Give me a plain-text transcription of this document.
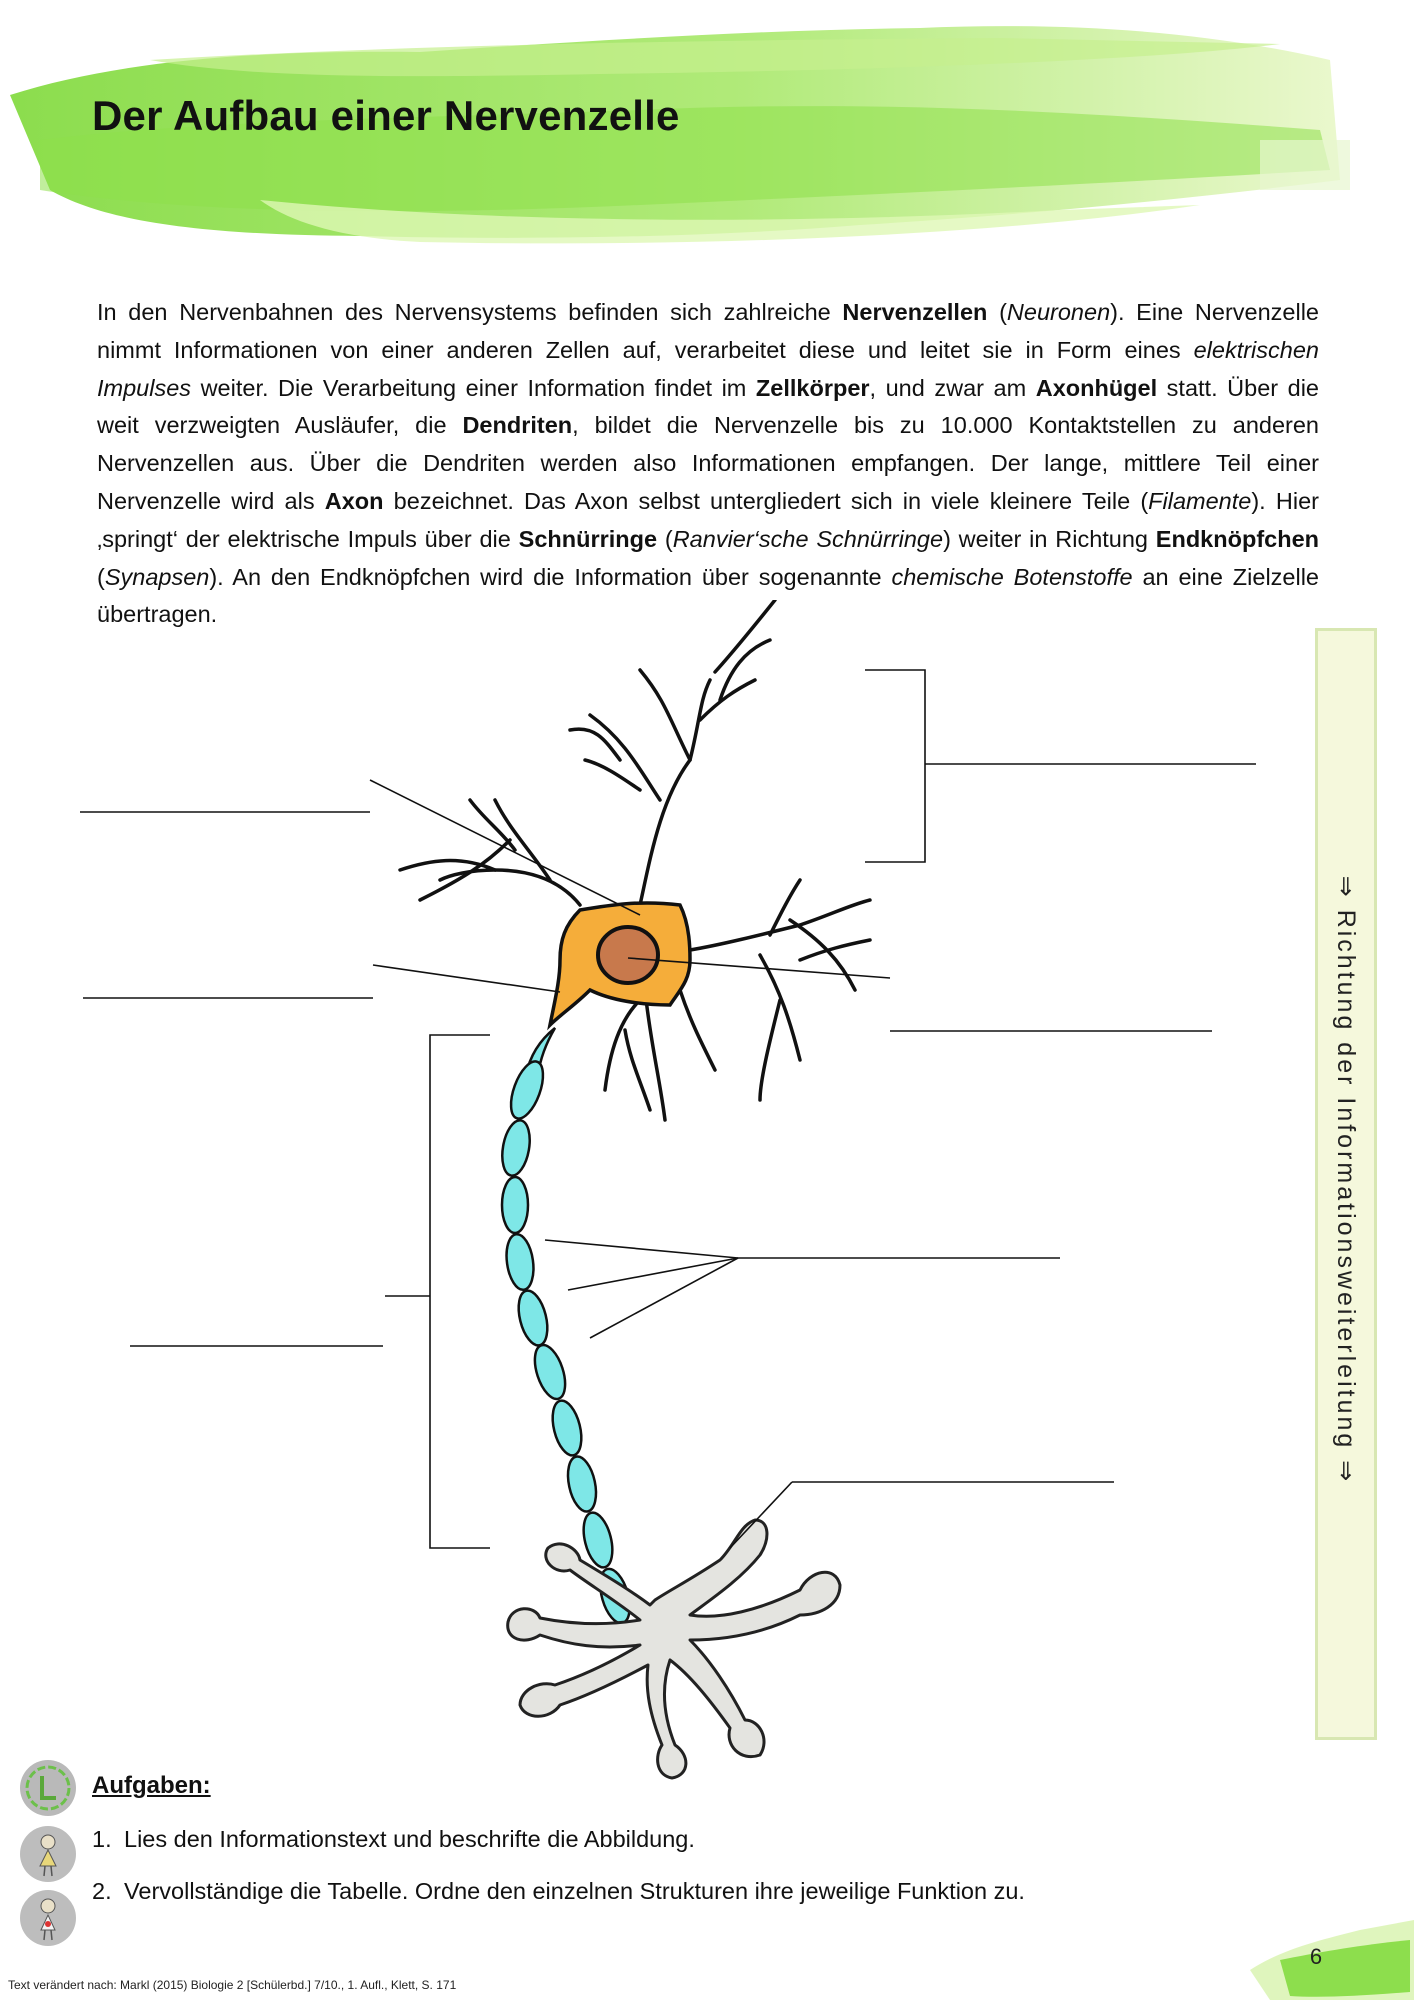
Der Aufbau einer Nervenzelle

In den Nervenbahnen des Nervensystems befinden sich zahlreiche Nervenzellen (Neuronen). Eine Nervenzelle nimmt Informationen von einer anderen Zellen auf, verarbeitet diese und leitet sie in Form eines elektrischen Impulses weiter. Die Verarbeitung einer Information findet im Zellkörper, und zwar am Axonhügel statt. Über die weit verzweigten Ausläufer, die Dendriten, bildet die Nervenzelle bis zu 10.000 Kontaktstellen zu anderen Nervenzellen aus. Über die Dendriten werden also Informationen empfangen. Der lange, mittlere Teil einer Nervenzelle wird als Axon bezeichnet. Das Axon selbst untergliedert sich in viele kleinere Teile (Filamente). Hier ‚springt‘ der elektrische Impuls über die Schnürringe (Ranvier‘sche Schnürringe) weiter in Richtung Endknöpfchen (Synapsen). An den Endknöpfchen wird die Information über sogenannte chemische Botenstoffe an eine Zielzelle übertragen.

⇒ Richtung der Informationsweiterleitung ⇒
Aufgaben:
1. Lies den Informationstext und beschrifte die Abbildung.
2. Vervollständige die Tabelle. Ordne den einzelnen Strukturen ihre jeweilige Funktion zu.
6
Text verändert nach: Markl (2015) Biologie 2 [Schülerbd.] 7/10., 1. Aufl., Klett, S. 171
